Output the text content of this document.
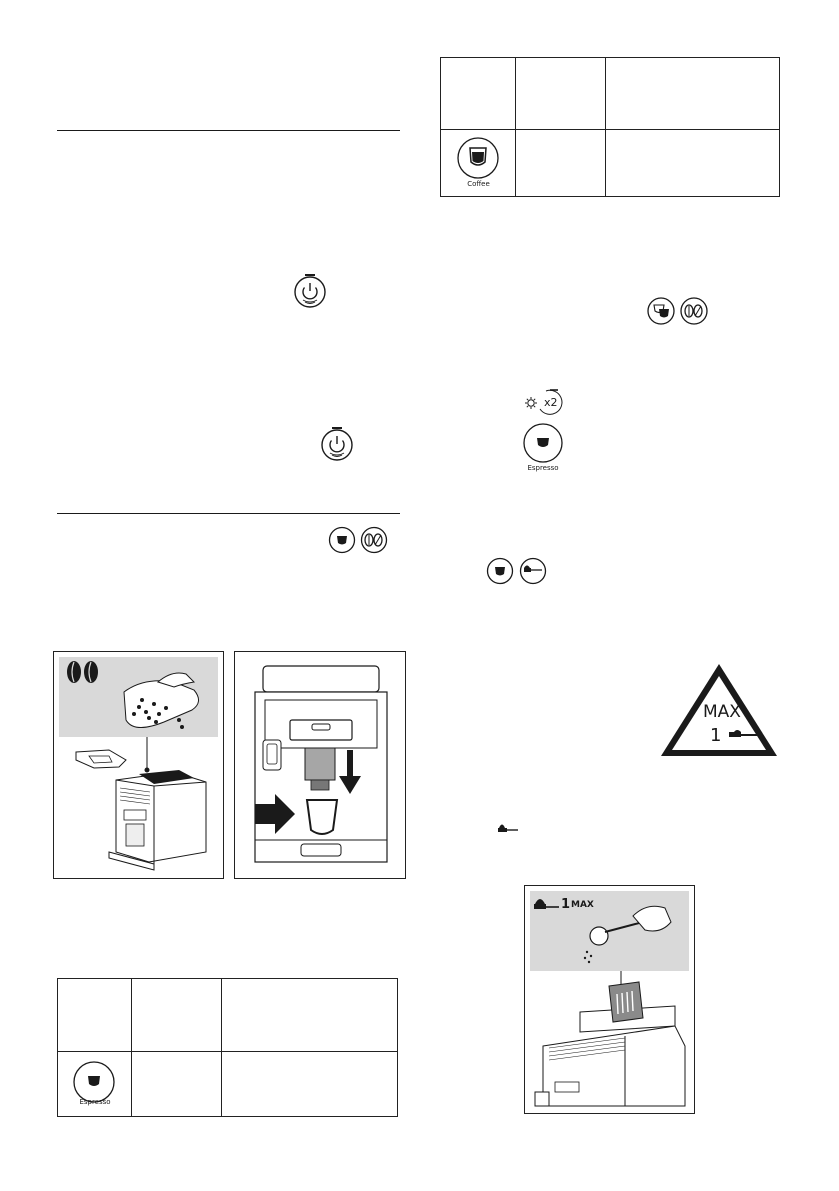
Espresso		

Coffee		

x2
Espresso
MAX
1
1 MAX
